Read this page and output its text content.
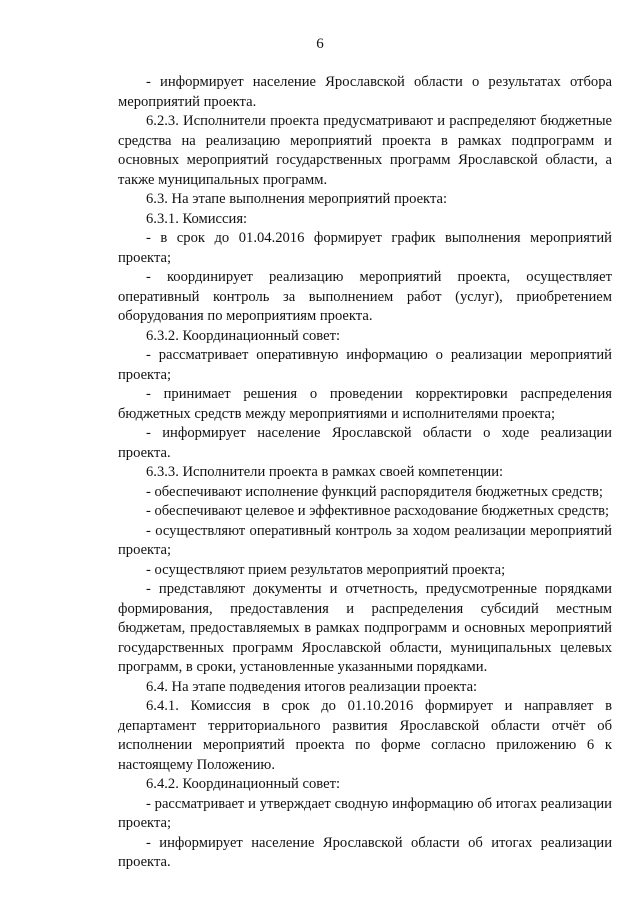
6

- информирует население Ярославской области о результатах отбора мероприятий проекта.

6.2.3. Исполнители проекта предусматривают и распределяют бюджетные средства на реализацию мероприятий проекта в рамках подпрограмм и основных мероприятий государственных программ Ярославской области, а также муниципальных программ.

6.3. На этапе выполнения мероприятий проекта:

6.3.1. Комиссия:

- в срок до 01.04.2016 формирует график выполнения мероприятий проекта;

- координирует реализацию мероприятий проекта, осуществляет оперативный контроль за выполнением работ (услуг), приобретением оборудования по мероприятиям проекта.

6.3.2. Координационный совет:

- рассматривает оперативную информацию о реализации мероприятий проекта;

- принимает решения о проведении корректировки распределения бюджетных средств между мероприятиями и исполнителями проекта;

- информирует население Ярославской области о ходе реализации проекта.

6.3.3. Исполнители проекта в рамках своей компетенции:

- обеспечивают исполнение функций распорядителя бюджетных средств;

- обеспечивают целевое и эффективное расходование бюджетных средств;

- осуществляют оперативный контроль за ходом реализации мероприятий проекта;

- осуществляют прием результатов мероприятий проекта;

- представляют документы и отчетность, предусмотренные порядками формирования, предоставления и распределения субсидий местным бюджетам, предоставляемых в рамках подпрограмм и основных мероприятий государственных программ Ярославской области, муниципальных целевых программ, в сроки, установленные указанными порядками.

6.4. На этапе подведения итогов реализации проекта:

6.4.1. Комиссия в срок до 01.10.2016 формирует и направляет в департамент территориального развития Ярославской области отчёт об исполнении мероприятий проекта по форме согласно приложению 6 к настоящему Положению.

6.4.2. Координационный совет:

- рассматривает и утверждает сводную информацию об итогах реализации проекта;

- информирует население Ярославской области об итогах реализации проекта.
